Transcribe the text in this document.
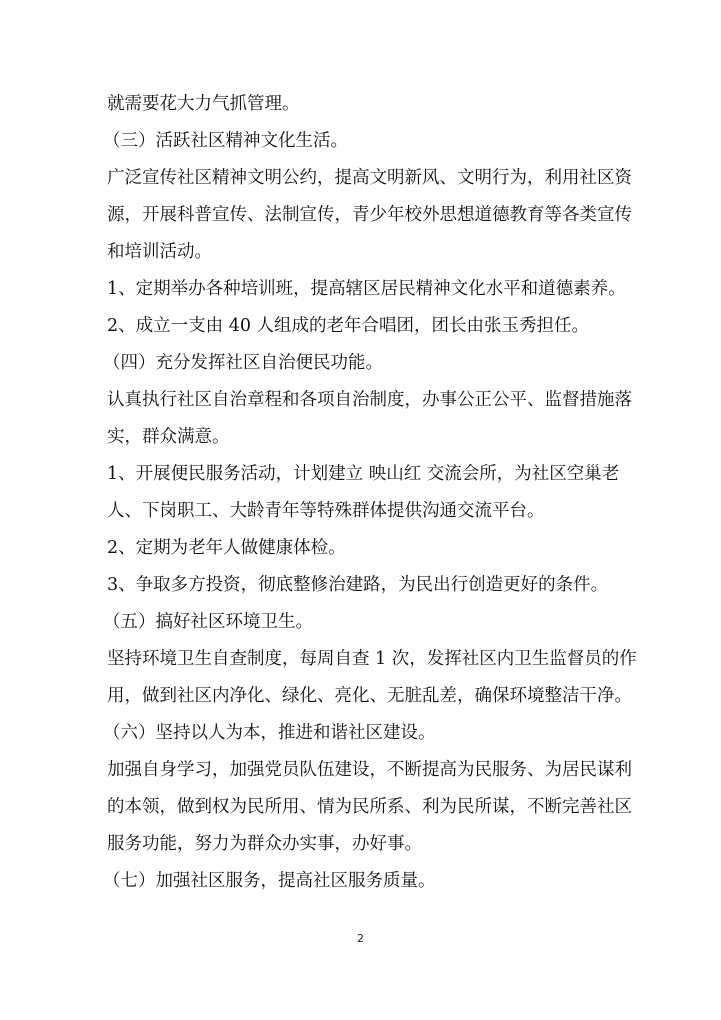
就需要花大力气抓管理。

（三）活跃社区精神文化生活。

广泛宣传社区精神文明公约，提高文明新风、文明行为，利用社区资

源，开展科普宣传、法制宣传，青少年校外思想道德教育等各类宣传

和培训活动。

1、定期举办各种培训班，提高辖区居民精神文化水平和道德素养。

2、成立一支由 40 人组成的老年合唱团，团长由张玉秀担任。

（四）充分发挥社区自治便民功能。

认真执行社区自治章程和各项自治制度，办事公正公平、监督措施落

实，群众满意。

1、开展便民服务活动，计划建立 映山红 交流会所，为社区空巢老

人、下岗职工、大龄青年等特殊群体提供沟通交流平台。

2、定期为老年人做健康体检。

3、争取多方投资，彻底整修治建路，为民出行创造更好的条件。

（五）搞好社区环境卫生。

坚持环境卫生自查制度，每周自查 1 次，发挥社区内卫生监督员的作

用，做到社区内净化、绿化、亮化、无脏乱差，确保环境整洁干净。

（六）坚持以人为本，推进和谐社区建设。

加强自身学习，加强党员队伍建设，不断提高为民服务、为居民谋利

的本领，做到权为民所用、情为民所系、利为民所谋，不断完善社区

服务功能，努力为群众办实事，办好事。

（七）加强社区服务，提高社区服务质量。

2
